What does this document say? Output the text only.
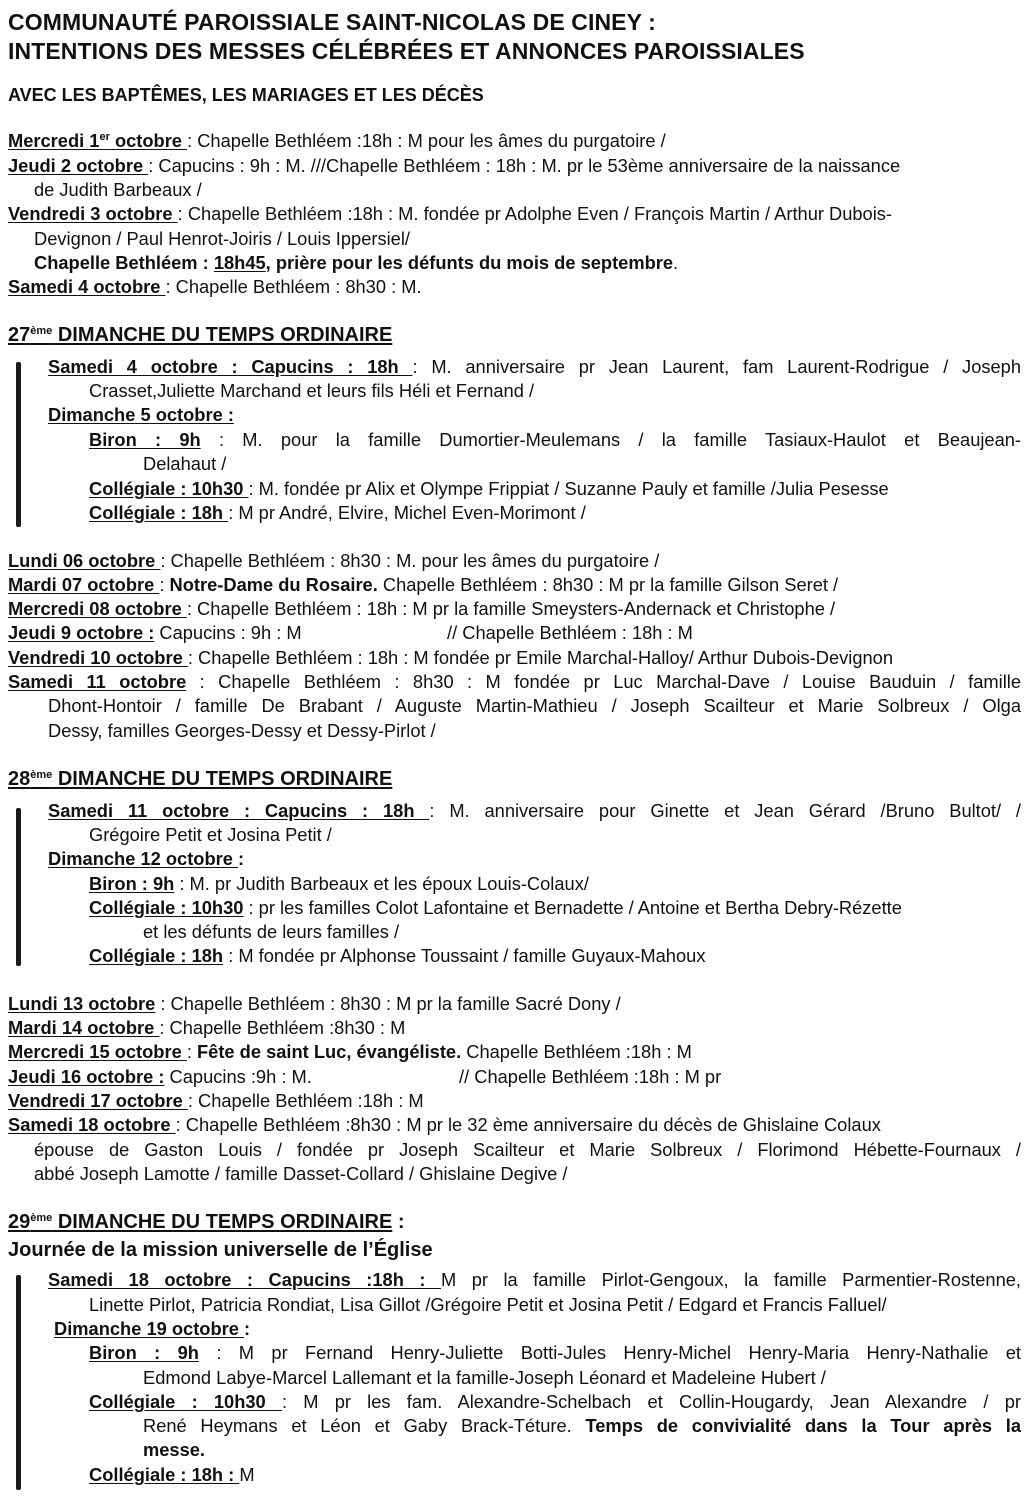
COMMUNAUTÉ PAROISSIALE SAINT-NICOLAS DE CINEY :
INTENTIONS DES MESSES CÉLÉBRÉES ET ANNONCES PAROISSIALES
AVEC LES BAPTÊMES, LES MARIAGES ET LES DÉCÈS
Mercredi 1er octobre : Chapelle Bethléem :18h : M pour les âmes du purgatoire /
Jeudi 2 octobre : Capucins : 9h : M. ///Chapelle Bethléem : 18h : M. pr le 53ème anniversaire de la naissance
de Judith Barbeaux /
Vendredi 3 octobre : Chapelle Bethléem :18h : M. fondée pr Adolphe Even / François Martin / Arthur Dubois-
Devignon / Paul Henrot-Joiris / Louis Ippersiel/
Chapelle Bethléem : 18h45, prière pour les défunts du mois de septembre.
Samedi 4 octobre : Chapelle Bethléem : 8h30 : M.
27ème DIMANCHE DU TEMPS ORDINAIRE
Samedi 4 octobre : Capucins : 18h : M. anniversaire pr Jean Laurent, fam Laurent-Rodrigue / Joseph
Crasset,Juliette Marchand et leurs fils Héli et Fernand /
Dimanche 5 octobre :
Biron : 9h : M. pour la famille Dumortier-Meulemans / la famille Tasiaux-Haulot et Beaujean-
Delahaut /
Collégiale : 10h30 : M. fondée pr Alix et Olympe Frippiat / Suzanne Pauly et famille /Julia Pesesse
Collégiale : 18h : M pr André, Elvire, Michel Even-Morimont /
Lundi 06 octobre : Chapelle Bethléem : 8h30 : M. pour les âmes du purgatoire /
Mardi 07 octobre : Notre-Dame du Rosaire. Chapelle Bethléem : 8h30 : M pr la famille Gilson Seret /
Mercredi 08 octobre : Chapelle Bethléem : 18h : M pr la famille Smeysters-Andernack et Christophe /
Jeudi 9 octobre : Capucins : 9h : M	// Chapelle Bethléem : 18h : M
Vendredi 10 octobre : Chapelle Bethléem : 18h : M fondée pr Emile Marchal-Halloy/ Arthur Dubois-Devignon
Samedi 11 octobre : Chapelle Bethléem : 8h30 : M fondée pr Luc Marchal-Dave / Louise Bauduin / famille
Dhont-Hontoir / famille De Brabant / Auguste Martin-Mathieu / Joseph Scailteur et Marie Solbreux / Olga
Dessy, familles Georges-Dessy et Dessy-Pirlot /
28ème DIMANCHE DU TEMPS ORDINAIRE
Samedi 11 octobre : Capucins : 18h : M. anniversaire pour Ginette et Jean Gérard /Bruno Bultot/ /
Grégoire Petit et Josina Petit /
Dimanche 12 octobre :
Biron : 9h : M. pr Judith Barbeaux et les époux Louis-Colaux/
Collégiale : 10h30 : pr les familles Colot Lafontaine et Bernadette / Antoine et Bertha Debry-Rézette
et les défunts de leurs familles /
Collégiale : 18h : M fondée pr Alphonse Toussaint / famille Guyaux-Mahoux
Lundi 13 octobre : Chapelle Bethléem : 8h30 : M pr la famille Sacré Dony /
Mardi 14 octobre : Chapelle Bethléem :8h30 : M
Mercredi 15 octobre : Fête de saint Luc, évangéliste. Chapelle Bethléem :18h : M
Jeudi 16 octobre : Capucins :9h : M.	// Chapelle Bethléem :18h : M pr
Vendredi 17 octobre : Chapelle Bethléem :18h : M
Samedi 18 octobre : Chapelle Bethléem :8h30 : M pr le 32 ème anniversaire du décès de Ghislaine Colaux
épouse de Gaston Louis / fondée pr Joseph Scailteur et Marie Solbreux / Florimond Hébette-Fournaux /
abbé Joseph Lamotte / famille Dasset-Collard / Ghislaine Degive /
29ème DIMANCHE DU TEMPS ORDINAIRE :
Journée de la mission universelle de l’Église
Samedi 18 octobre : Capucins :18h : M pr la famille Pirlot-Gengoux, la famille Parmentier-Rostenne,
Linette Pirlot, Patricia Rondiat, Lisa Gillot /Grégoire Petit et Josina Petit / Edgard et Francis Falluel/
Dimanche 19 octobre :
Biron : 9h : M pr Fernand Henry-Juliette Botti-Jules Henry-Michel Henry-Maria Henry-Nathalie et
Edmond Labye-Marcel Lallemant et la famille-Joseph Léonard et Madeleine Hubert /
Collégiale : 10h30 : M pr les fam. Alexandre-Schelbach et Collin-Hougardy, Jean Alexandre / pr
René Heymans et Léon et Gaby Brack-Téture. Temps de convivialité dans la Tour après la
messe.
Collégiale : 18h : M
